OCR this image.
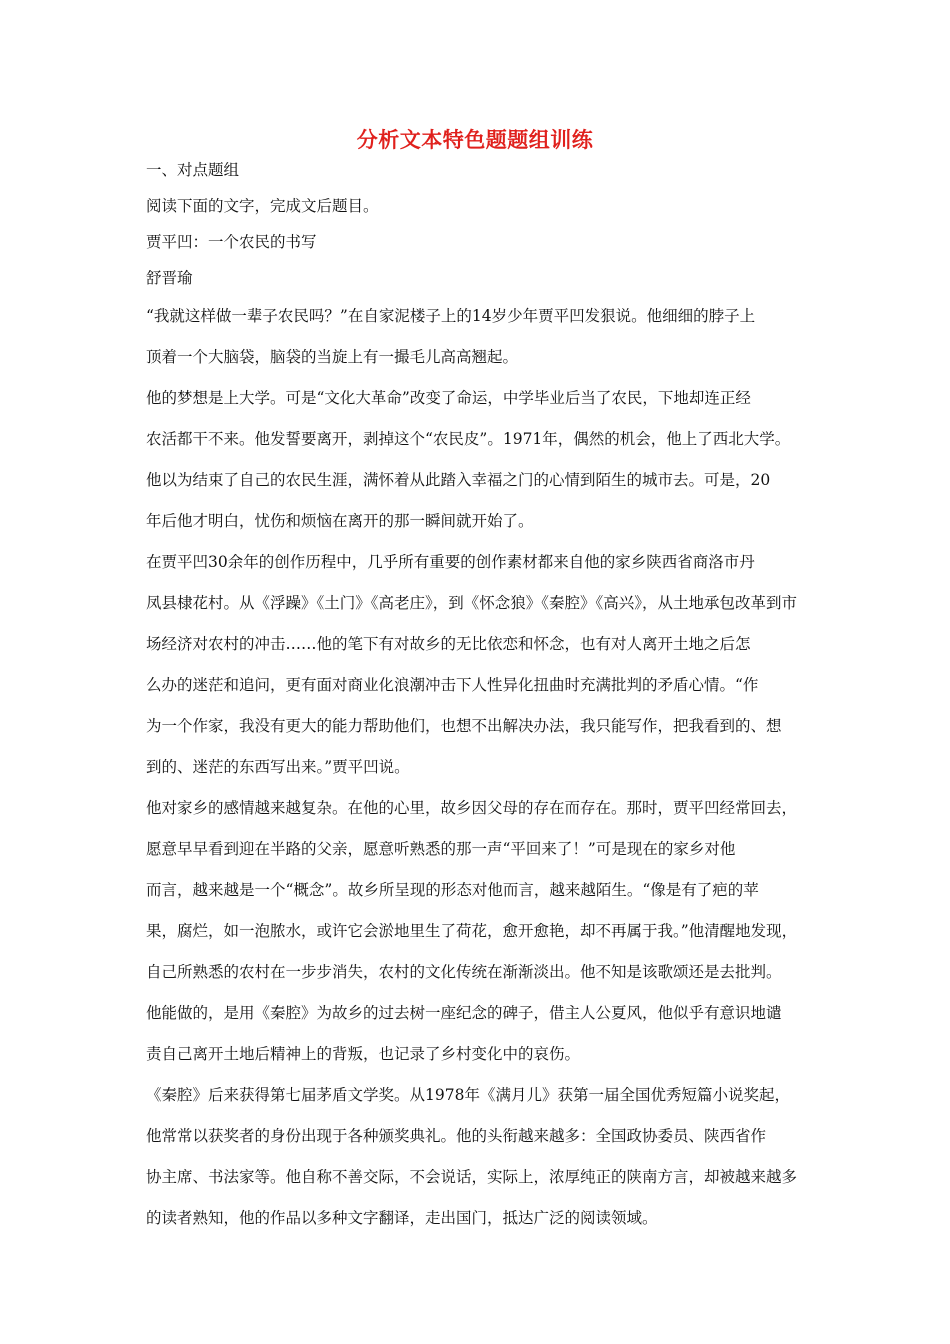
分析文本特色题题组训练
一、对点题组
阅读下面的文字，完成文后题目。
贾平凹：一个农民的书写
舒晋瑜
“我就这样做一辈子农民吗？”在自家泥楼子上的14岁少年贾平凹发狠说。他细细的脖子上
顶着一个大脑袋，脑袋的当旋上有一撮毛儿高高翘起。
他的梦想是上大学。可是“文化大革命”改变了命运，中学毕业后当了农民，下地却连正经
农活都干不来。他发誓要离开，剥掉这个“农民皮”。1971年，偶然的机会，他上了西北大学。
他以为结束了自己的农民生涯，满怀着从此踏入幸福之门的心情到陌生的城市去。可是，20
年后他才明白，忧伤和烦恼在离开的那一瞬间就开始了。
在贾平凹30余年的创作历程中，几乎所有重要的创作素材都来自他的家乡陕西省商洛市丹
凤县棣花村。从《浮躁》《土门》《高老庄》，到《怀念狼》《秦腔》《高兴》，从土地承包改革到市
场经济对农村的冲击……他的笔下有对故乡的无比依恋和怀念，也有对人离开土地之后怎
么办的迷茫和追问，更有面对商业化浪潮冲击下人性异化扭曲时充满批判的矛盾心情。“作
为一个作家，我没有更大的能力帮助他们，也想不出解决办法，我只能写作，把我看到的、想
到的、迷茫的东西写出来。”贾平凹说。
他对家乡的感情越来越复杂。在他的心里，故乡因父母的存在而存在。那时，贾平凹经常回去，
愿意早早看到迎在半路的父亲，愿意听熟悉的那一声“平回来了！”可是现在的家乡对他
而言，越来越是一个“概念”。故乡所呈现的形态对他而言，越来越陌生。“像是有了疤的苹
果，腐烂，如一泡脓水，或许它会淤地里生了荷花，愈开愈艳，却不再属于我。”他清醒地发现，
自己所熟悉的农村在一步步消失，农村的文化传统在渐渐淡出。他不知是该歌颂还是去批判。
他能做的，是用《秦腔》为故乡的过去树一座纪念的碑子，借主人公夏风，他似乎有意识地谴
责自己离开土地后精神上的背叛，也记录了乡村变化中的哀伤。
《秦腔》后来获得第七届茅盾文学奖。从1978年《满月儿》获第一届全国优秀短篇小说奖起，
他常常以获奖者的身份出现于各种颁奖典礼。他的头衔越来越多：全国政协委员、陕西省作
协主席、书法家等。他自称不善交际，不会说话，实际上，浓厚纯正的陕南方言，却被越来越多
的读者熟知，他的作品以多种文字翻译，走出国门，抵达广泛的阅读领域。
